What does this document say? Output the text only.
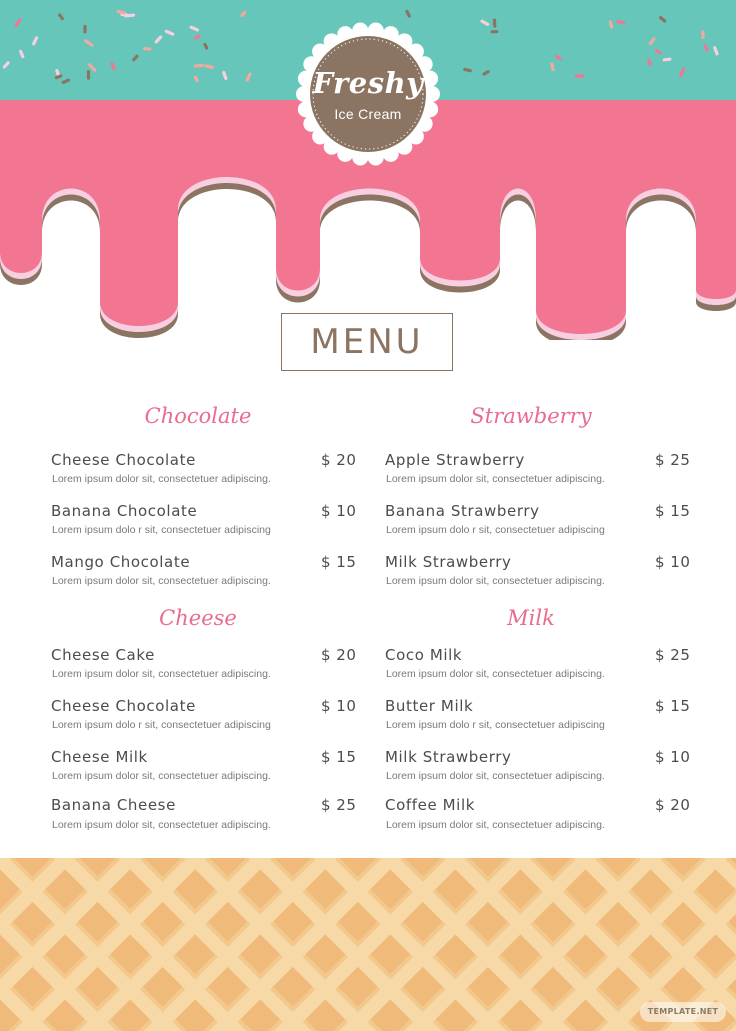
Freshy
Ice Cream
MENU
Chocolate
Cheese Chocolate	$ 20
Lorem ipsum dolor sit, consectetuer adipiscing.
Banana Chocolate	$ 10
Lorem ipsum dolo r sit, consectetuer adipiscing
Mango Chocolate	$ 15
Lorem ipsum dolor sit, consectetuer adipiscing.
Strawberry
Apple Strawberry	$ 25
Lorem ipsum dolor sit, consectetuer adipiscing.
Banana Strawberry	$ 15
Lorem ipsum dolo r sit, consectetuer adipiscing
Milk Strawberry	$ 10
Lorem ipsum dolor sit, consectetuer adipiscing.
Cheese
Cheese Cake	$ 20
Lorem ipsum dolor sit, consectetuer adipiscing.
Cheese Chocolate	$ 10
Lorem ipsum dolo r sit, consectetuer adipiscing
Cheese Milk	$ 15
Lorem ipsum dolor sit, consectetuer adipiscing.
Banana Cheese	$ 25
Lorem ipsum dolor sit, consectetuer adipiscing.
Milk
Coco Milk	$ 25
Lorem ipsum dolor sit, consectetuer adipiscing.
Butter Milk	$ 15
Lorem ipsum dolo r sit, consectetuer adipiscing
Milk Strawberry	$ 10
Lorem ipsum dolor sit, consectetuer adipiscing.
Coffee Milk	$ 20
Lorem ipsum dolor sit, consectetuer adipiscing.
TEMPLATE.NET
